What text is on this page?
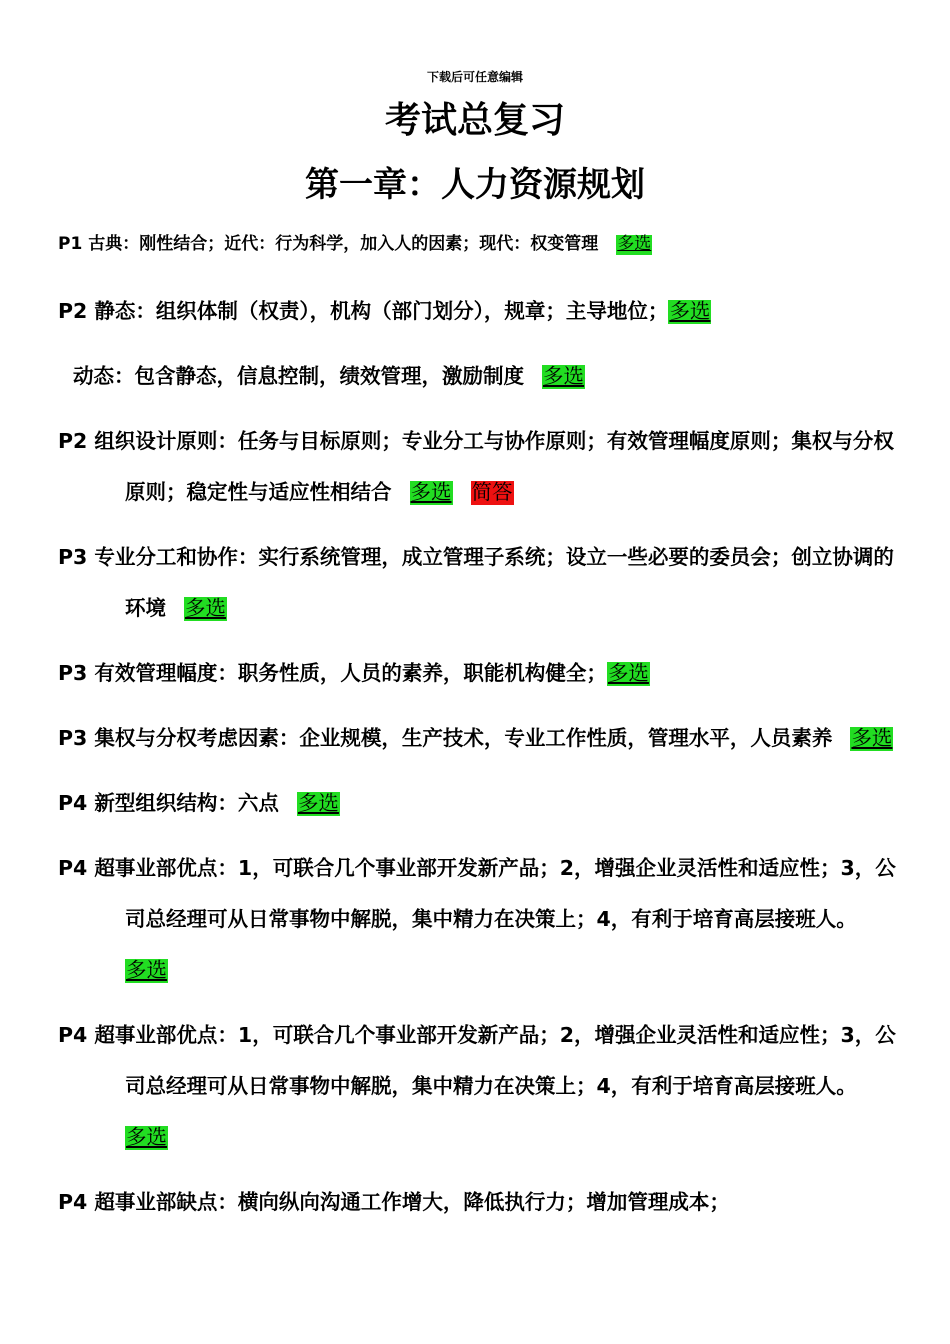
下载后可任意编辑
考试总复习
第一章：人力资源规划
P1 古典：刚性结合；近代：行为科学，加入人的因素；现代：权变管理 多选
P2 静态：组织体制（权责），机构（部门划分），规章；主导地位；多选
动态：包含静态，信息控制，绩效管理，激励制度 多选
P2 组织设计原则：任务与目标原则；专业分工与协作原则；有效管理幅度原则；集权与分权原则；稳定性与适应性相结合 多选 简答
P3 专业分工和协作：实行系统管理，成立管理子系统；设立一些必要的委员会；创立协调的环境 多选
P3 有效管理幅度：职务性质，人员的素养，职能机构健全；多选
P3 集权与分权考虑因素：企业规模，生产技术，专业工作性质，管理水平，人员素养 多选
P4 新型组织结构：六点 多选
P4 超事业部优点：1，可联合几个事业部开发新产品；2，增强企业灵活性和适应性；3，公司总经理可从日常事物中解脱，集中精力在决策上；4，有利于培育高层接班人。多选
P4 超事业部优点：1，可联合几个事业部开发新产品；2，增强企业灵活性和适应性；3，公司总经理可从日常事物中解脱，集中精力在决策上；4，有利于培育高层接班人。多选
P4 超事业部缺点：横向纵向沟通工作增大，降低执行力；增加管理成本；
